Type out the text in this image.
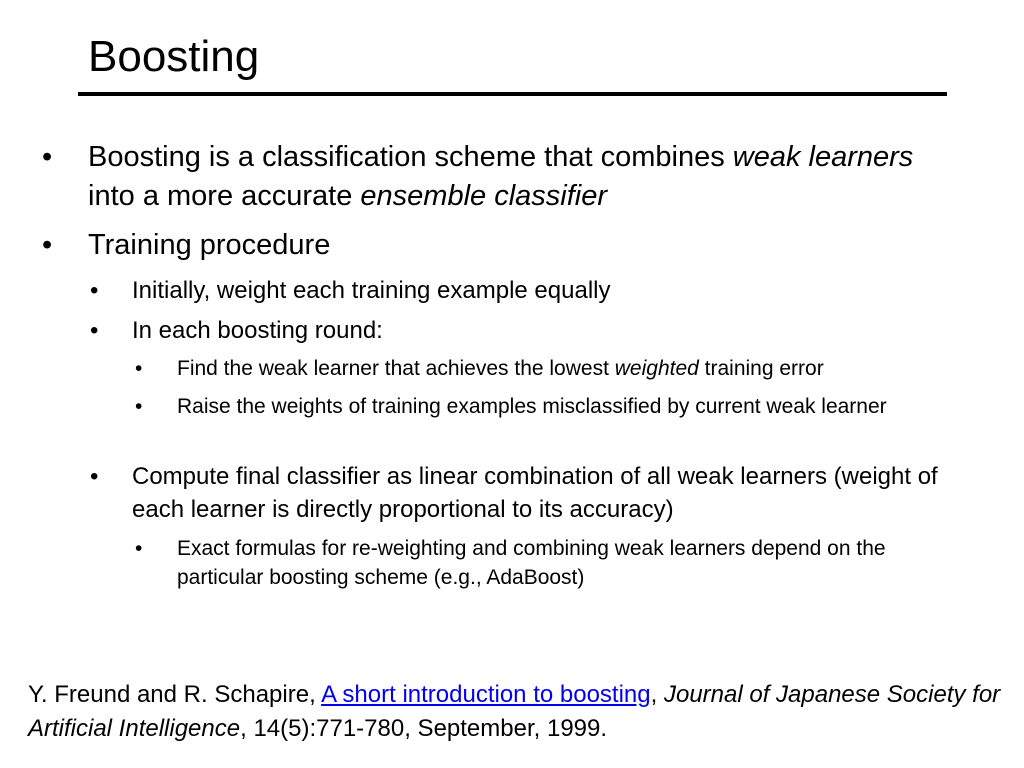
Boosting
• Boosting is a classification scheme that combines weak learners into a more accurate ensemble classifier
• Training procedure
• Initially, weight each training example equally
• In each boosting round:
• Find the weak learner that achieves the lowest weighted training error
• Raise the weights of training examples misclassified by current weak learner
• Compute final classifier as linear combination of all weak learners (weight of each learner is directly proportional to its accuracy)
• Exact formulas for re-weighting and combining weak learners depend on the particular boosting scheme (e.g., AdaBoost)
Y. Freund and R. Schapire, A short introduction to boosting, Journal of Japanese Society for Artificial Intelligence, 14(5):771-780, September, 1999.
